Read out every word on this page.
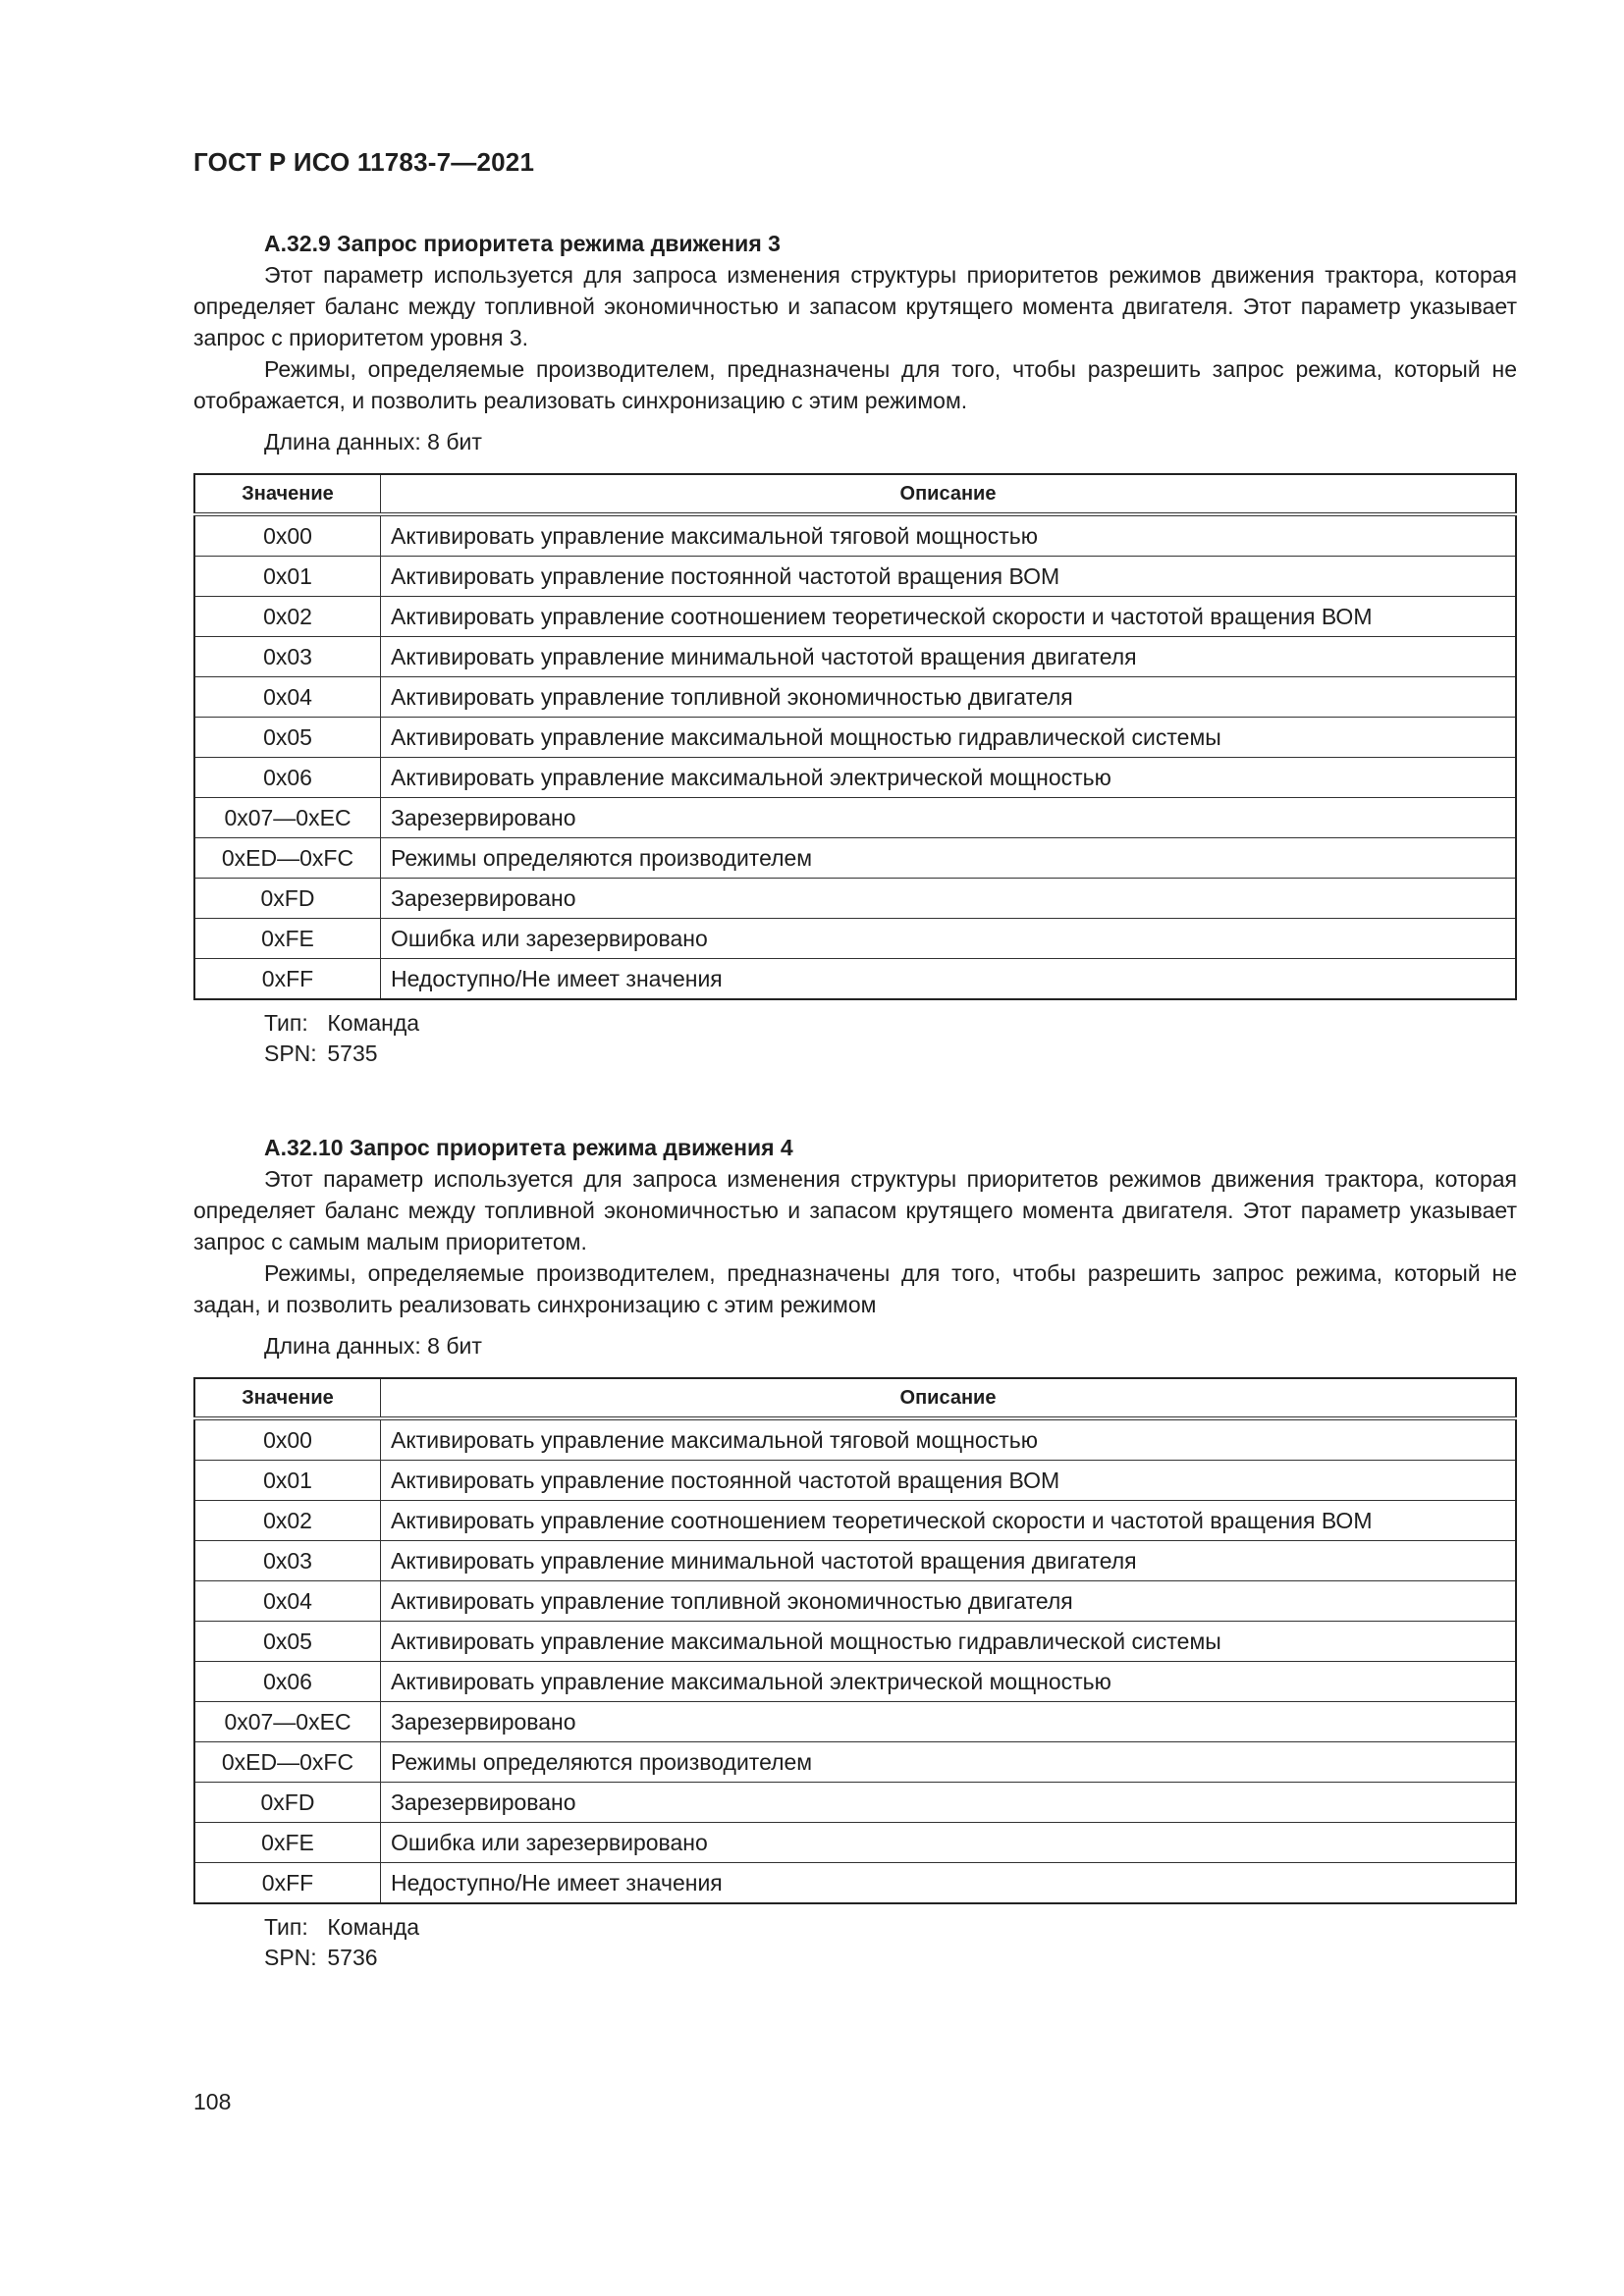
ГОСТ Р ИСО 11783-7—2021

А.32.9 Запрос приоритета режима движения 3

Этот параметр используется для запроса изменения структуры приоритетов режимов движения трактора, которая определяет баланс между топливной экономичностью и запасом крутящего момента двигателя. Этот параметр указывает запрос с приоритетом уровня 3.

Режимы, определяемые производителем, предназначены для того, чтобы разрешить запрос режима, который не отображается, и позволить реализовать синхронизацию с этим режимом.

Длина данных: 8 бит

Значение	Описание
0x00	Активировать управление максимальной тяговой мощностью
0x01	Активировать управление постоянной частотой вращения ВОМ
0x02	Активировать управление соотношением теоретической скорости и частотой вращения ВОМ
0x03	Активировать управление минимальной частотой вращения двигателя
0x04	Активировать управление топливной экономичностью двигателя
0x05	Активировать управление максимальной мощностью гидравлической системы
0x06	Активировать управление максимальной электрической мощностью
0x07—0xEC	Зарезервировано
0xED—0xFC	Режимы определяются производителем
0xFD	Зарезервировано
0xFE	Ошибка или зарезервировано
0xFF	Недоступно/Не имеет значения
Тип: Команда
SPN: 5735

А.32.10 Запрос приоритета режима движения 4

Этот параметр используется для запроса изменения структуры приоритетов режимов движения трактора, которая определяет баланс между топливной экономичностью и запасом крутящего момента двигателя. Этот параметр указывает запрос с самым малым приоритетом.

Режимы, определяемые производителем, предназначены для того, чтобы разрешить запрос режима, который не задан, и позволить реализовать синхронизацию с этим режимом

Длина данных: 8 бит

Значение	Описание
0x00	Активировать управление максимальной тяговой мощностью
0x01	Активировать управление постоянной частотой вращения ВОМ
0x02	Активировать управление соотношением теоретической скорости и частотой вращения ВОМ
0x03	Активировать управление минимальной частотой вращения двигателя
0x04	Активировать управление топливной экономичностью двигателя
0x05	Активировать управление максимальной мощностью гидравлической системы
0x06	Активировать управление максимальной электрической мощностью
0x07—0xEC	Зарезервировано
0xED—0xFC	Режимы определяются производителем
0xFD	Зарезервировано
0xFE	Ошибка или зарезервировано
0xFF	Недоступно/Не имеет значения
Тип: Команда
SPN: 5736
108
